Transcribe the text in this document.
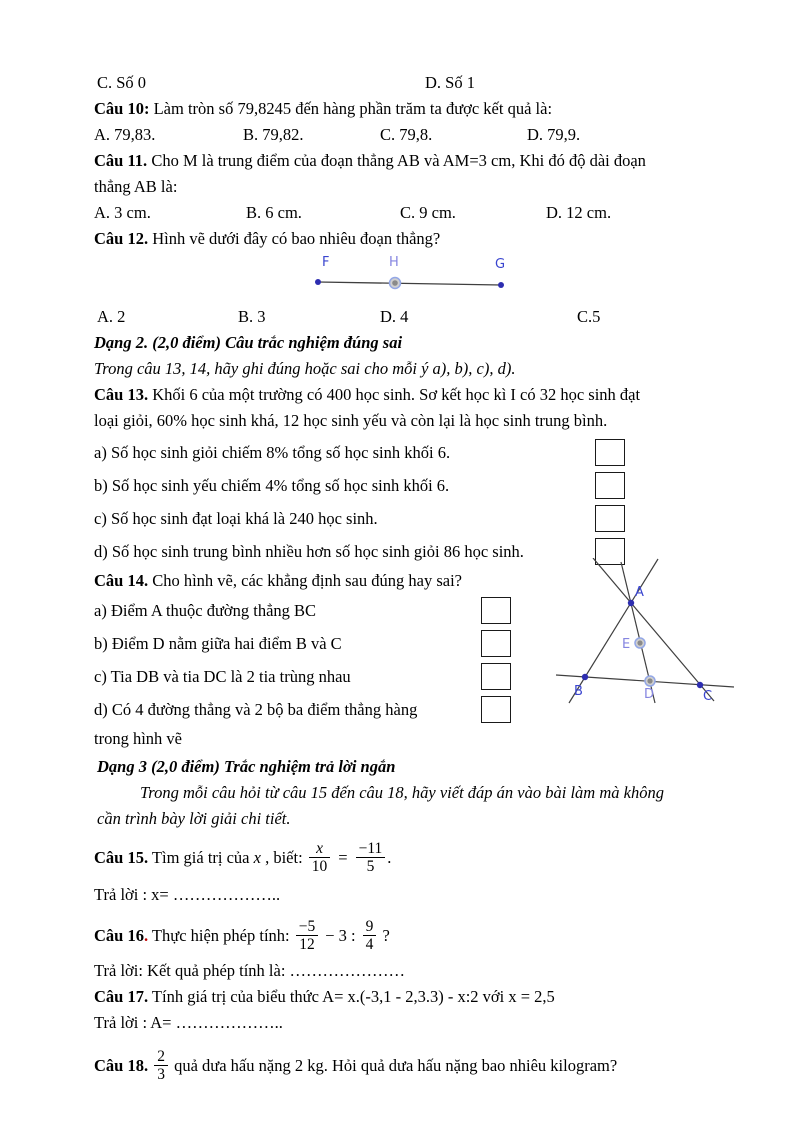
C. Số 0	D. Số 1

Câu 10: Làm tròn số 79,8245 đến hàng phần trăm ta được kết quả là:

A. 79,83.	B. 79,82.	C. 79,8.	D. 79,9.

Câu 11. Cho M là trung điểm của đoạn thẳng AB và AM=3 cm, Khi đó độ dài đoạn

thẳng AB là:

A. 3 cm.	B. 6 cm.	C. 9 cm.	D. 12 cm.

Câu 12. Hình vẽ dưới đây có bao nhiêu đoạn thẳng?

F	H	G
A. 2	B. 3	D. 4	C.5

Dạng 2. (2,0 điểm) Câu trắc nghiệm đúng sai

Trong câu 13, 14, hãy ghi đúng hoặc sai cho mỗi ý a), b), c), d).

Câu 13. Khối 6 của một trường có 400 học sinh. Sơ kết học kì I có 32 học sinh đạt

loại giỏi, 60% học sinh khá, 12 học sinh yếu và còn lại là học sinh trung bình.

a) Số học sinh giỏi chiếm 8% tổng số học sinh khối 6.
b) Số học sinh yếu chiếm 4% tổng số học sinh khối 6.
c) Số học sinh đạt loại khá là 240 học sinh.
d) Số học sinh trung bình nhiều hơn số học sinh giỏi 86 học sinh.

Câu 14. Cho hình vẽ, các khẳng định sau đúng hay sai?

a) Điểm A thuộc đường thẳng BC
b) Điểm D nằm giữa hai điểm B và C
c) Tia DB và tia DC là 2 tia trùng nhau
d) Có 4 đường thẳng và 2 bộ ba điểm thẳng hàng

trong hình vẽ

A
B	C
D
E

Dạng 3 (2,0 điểm) Trắc nghiệm trả lời ngắn

Trong mỗi câu hỏi từ câu 15 đến câu 18, hãy viết đáp án vào bài làm mà không

cần trình bày lời giải chi tiết.

Câu 15. Tìm giá trị của x , biết: $\frac{x}{10} = \frac{-11}{5}$ .

Trả lời : x= ………………..

Câu 16. Thực hiện phép tính: $\frac{-5}{12} - 3$ : $\frac{9}{4}$ ?

Trả lời: Kết quả phép tính là: …………………

Câu 17. Tính giá trị của biểu thức A= x.(-3,1 - 2,3.3) - x:2 với x = 2,5

Trả lời : A= ………………..

Câu 18. $\frac{2}{3}$ quả dưa hấu nặng 2 kg. Hỏi quả dưa hấu nặng bao nhiêu kilogram?
